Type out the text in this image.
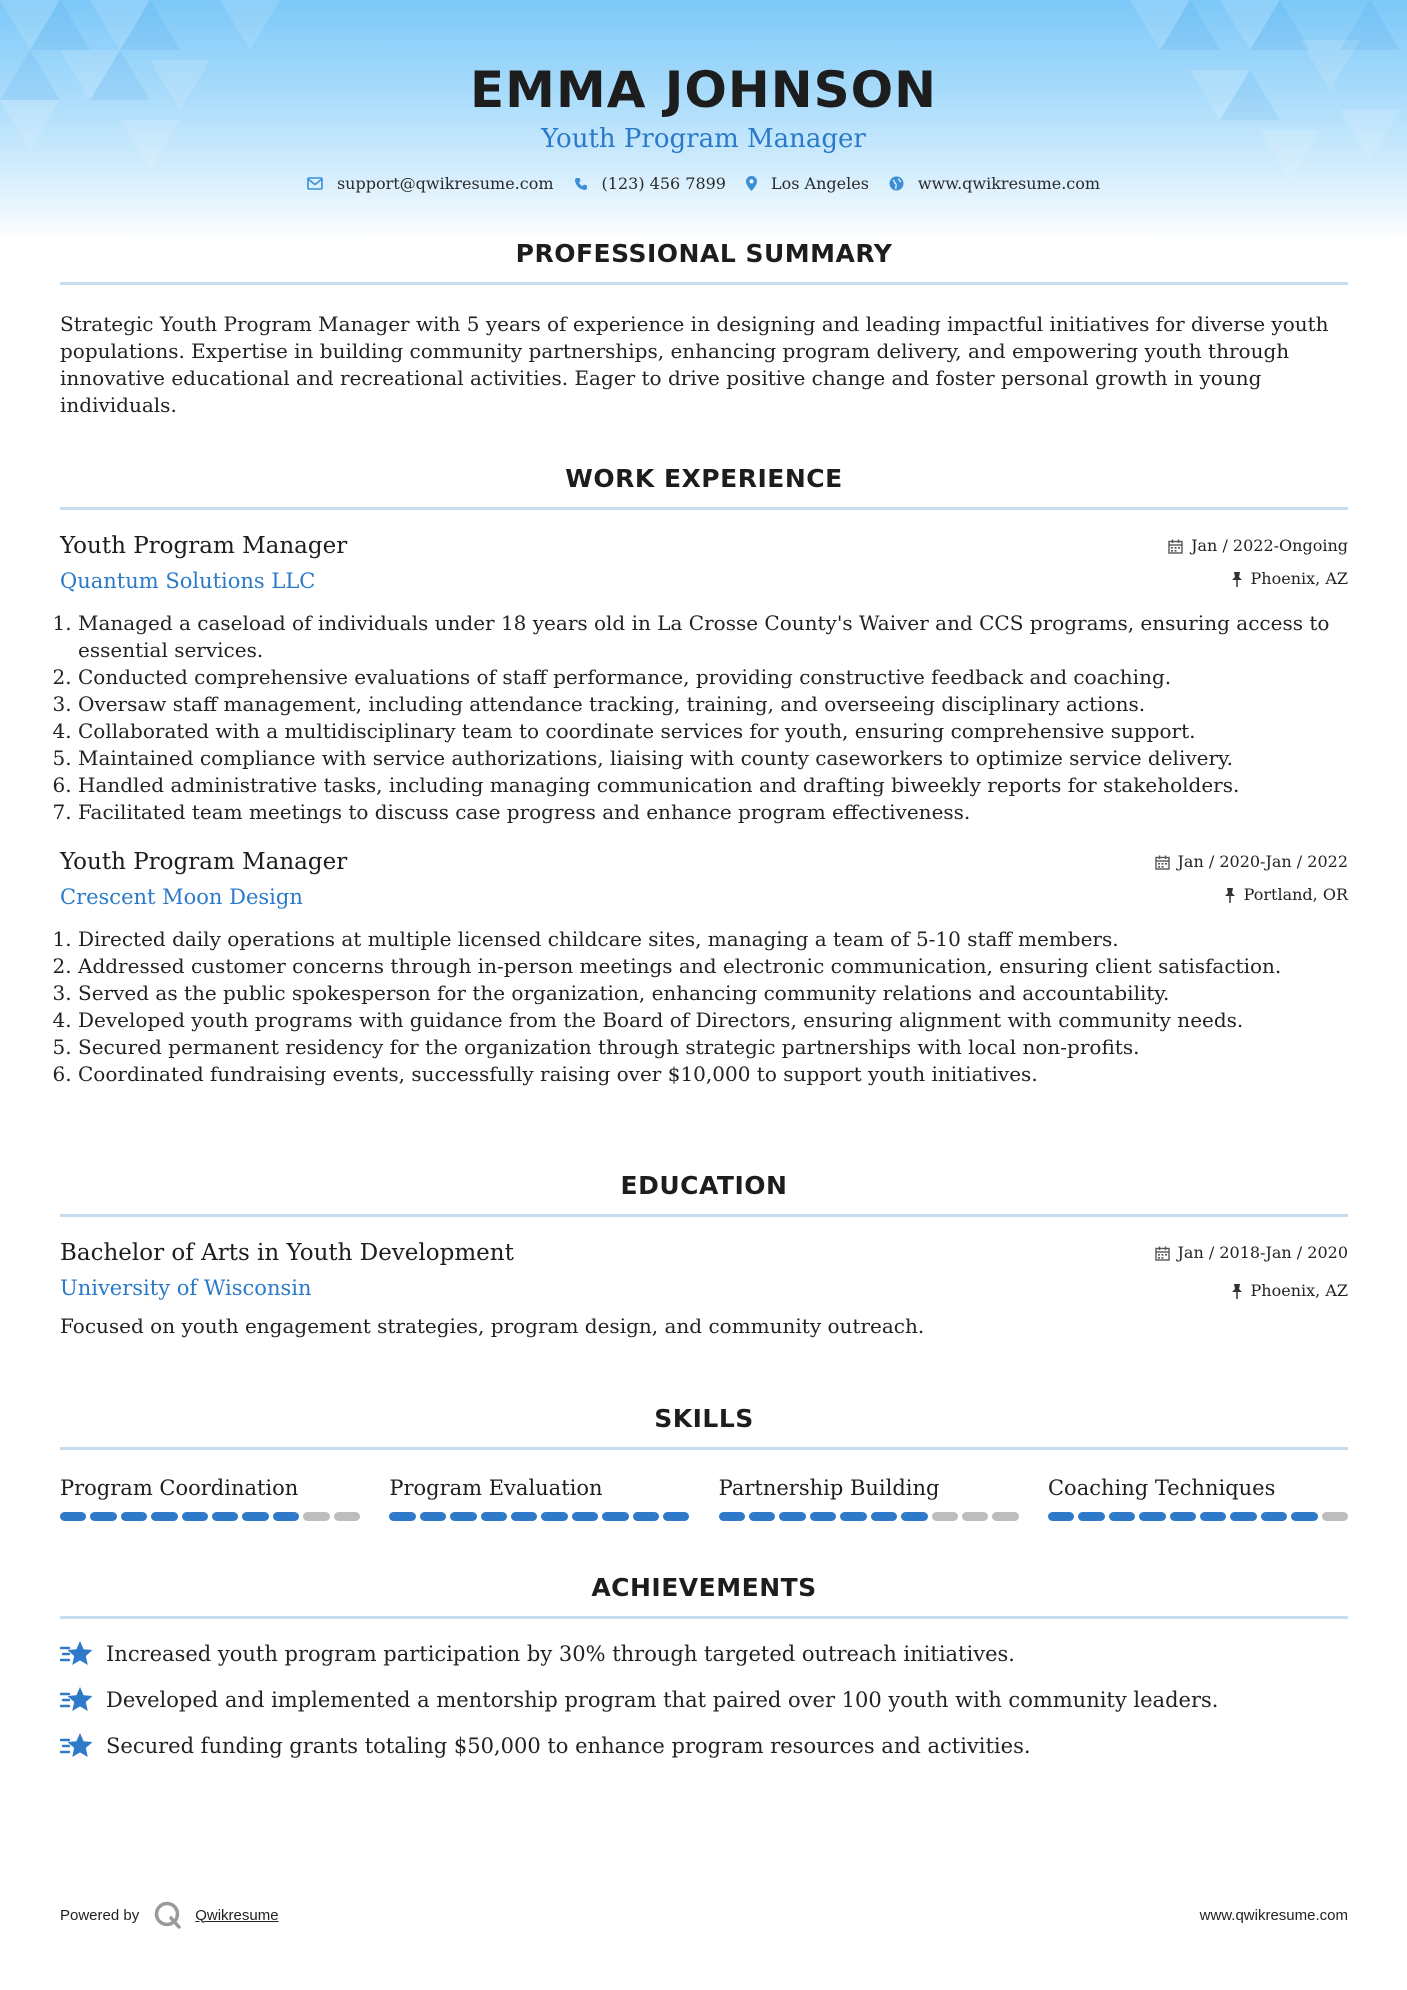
EMMA JOHNSON
Youth Program Manager
support@qwikresume.com	(123) 456 7899	Los Angeles	www.qwikresume.com
PROFESSIONAL SUMMARY
Strategic Youth Program Manager with 5 years of experience in designing and leading impactful initiatives for diverse youth populations. Expertise in building community partnerships, enhancing program delivery, and empowering youth through innovative educational and recreational activities. Eager to drive positive change and foster personal growth in young individuals.
WORK EXPERIENCE
Youth Program Manager
Quantum Solutions LLC
Jan / 2022-Ongoing
Phoenix, AZ
1. Managed a caseload of individuals under 18 years old in La Crosse County's Waiver and CCS programs, ensuring access to essential services.
2. Conducted comprehensive evaluations of staff performance, providing constructive feedback and coaching.
3. Oversaw staff management, including attendance tracking, training, and overseeing disciplinary actions.
4. Collaborated with a multidisciplinary team to coordinate services for youth, ensuring comprehensive support.
5. Maintained compliance with service authorizations, liaising with county caseworkers to optimize service delivery.
6. Handled administrative tasks, including managing communication and drafting biweekly reports for stakeholders.
7. Facilitated team meetings to discuss case progress and enhance program effectiveness.
Youth Program Manager
Crescent Moon Design
Jan / 2020-Jan / 2022
Portland, OR
1. Directed daily operations at multiple licensed childcare sites, managing a team of 5-10 staff members.
2. Addressed customer concerns through in-person meetings and electronic communication, ensuring client satisfaction.
3. Served as the public spokesperson for the organization, enhancing community relations and accountability.
4. Developed youth programs with guidance from the Board of Directors, ensuring alignment with community needs.
5. Secured permanent residency for the organization through strategic partnerships with local non-profits.
6. Coordinated fundraising events, successfully raising over $10,000 to support youth initiatives.
EDUCATION
Bachelor of Arts in Youth Development
University of Wisconsin
Jan / 2018-Jan / 2020
Phoenix, AZ
Focused on youth engagement strategies, program design, and community outreach.
SKILLS
Program Coordination	Program Evaluation	Partnership Building	Coaching Techniques
ACHIEVEMENTS
Increased youth program participation by 30% through targeted outreach initiatives.
Developed and implemented a mentorship program that paired over 100 youth with community leaders.
Secured funding grants totaling $50,000 to enhance program resources and activities.
Powered by	Qwikresume	www.qwikresume.com
